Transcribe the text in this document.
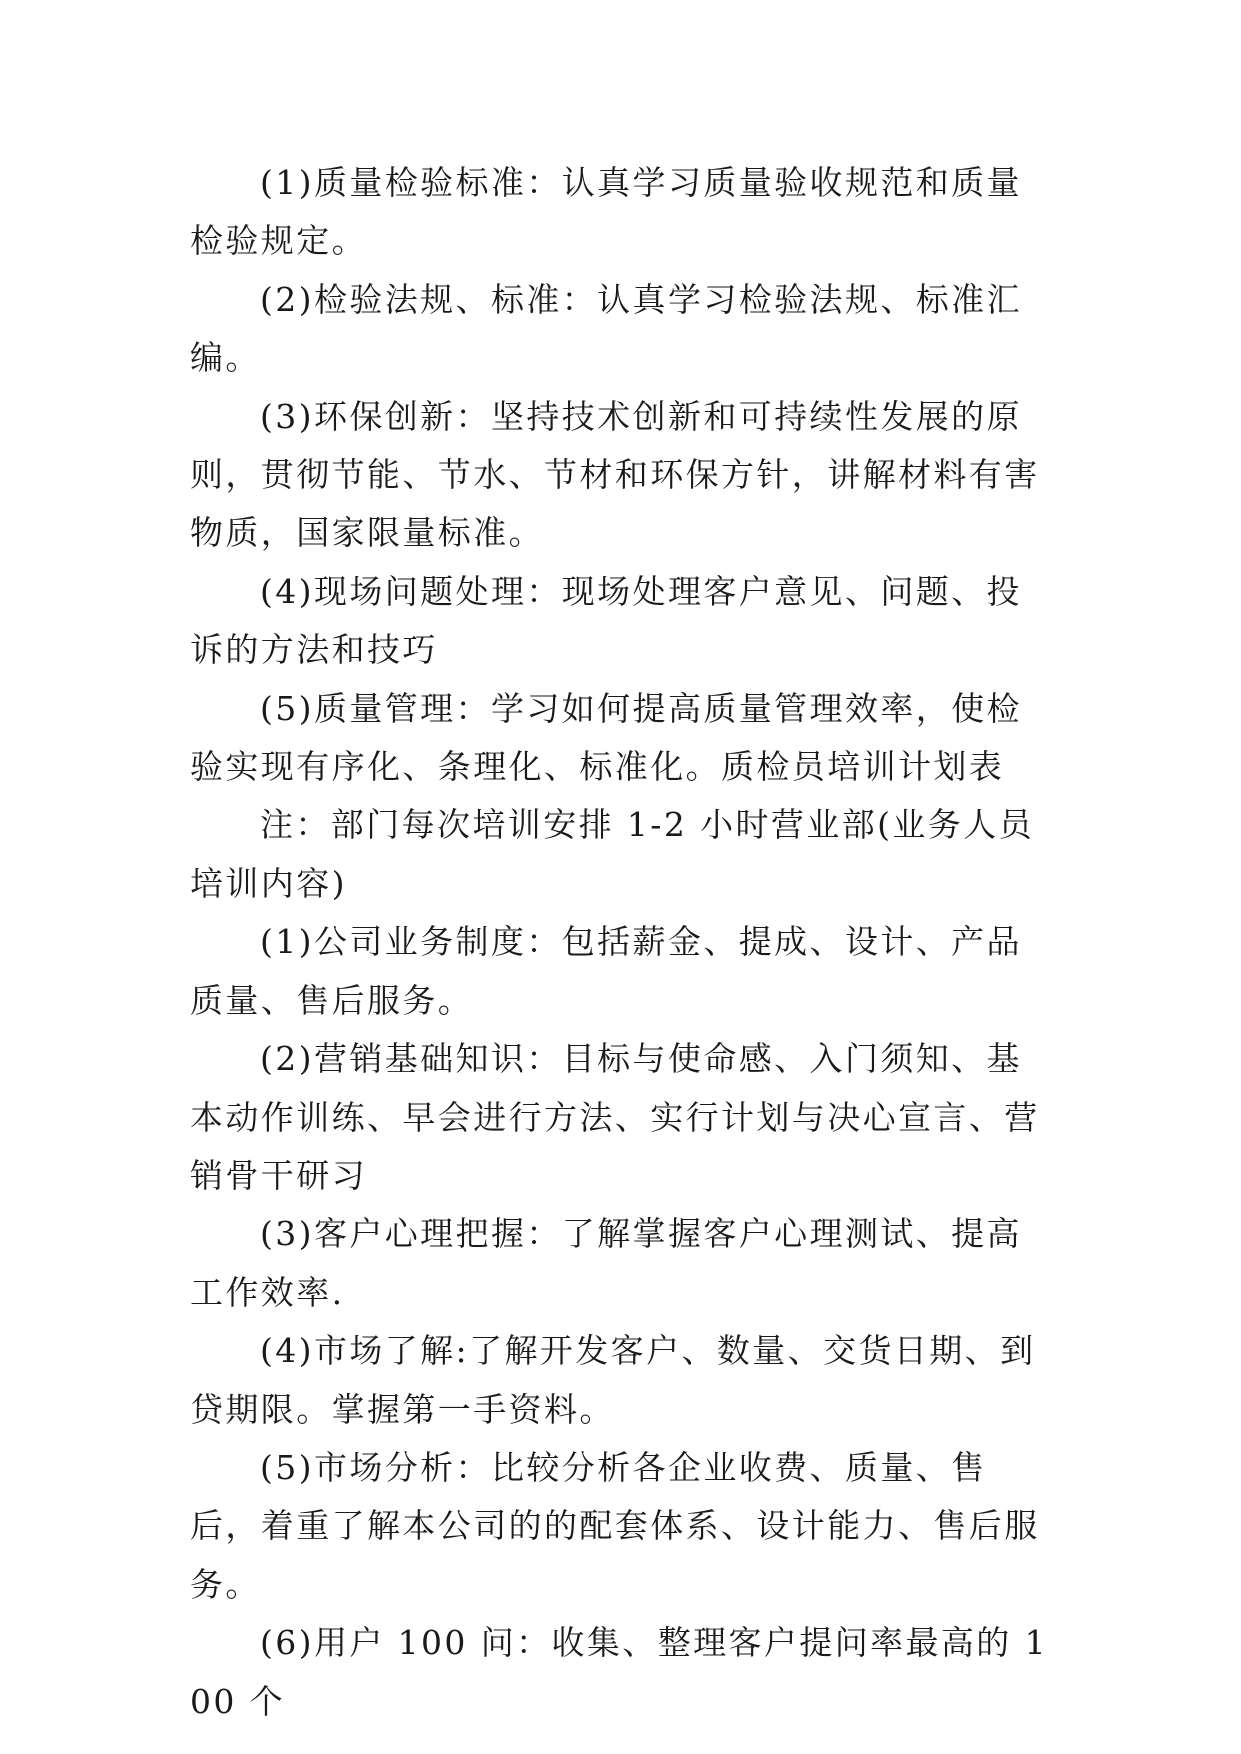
(1)质量检验标准：认真学习质量验收规范和质量检验规定。

(2)检验法规、标准：认真学习检验法规、标准汇编。

(3)环保创新：坚持技术创新和可持续性发展的原则，贯彻节能、节水、节材和环保方针，讲解材料有害物质，国家限量标准。

(4)现场问题处理：现场处理客户意见、问题、投诉的方法和技巧

(5)质量管理：学习如何提高质量管理效率，使检验实现有序化、条理化、标准化。质检员培训计划表

注：部门每次培训安排 1-2 小时营业部(业务人员培训内容)

(1)公司业务制度：包括薪金、提成、设计、产品质量、售后服务。

(2)营销基础知识：目标与使命感、入门须知、基本动作训练、早会进行方法、实行计划与决心宣言、营销骨干研习

(3)客户心理把握：了解掌握客户心理测试、提高工作效率.

(4)市场了解:了解开发客户、数量、交货日期、到贷期限。掌握第一手资料。

(5)市场分析：比较分析各企业收费、质量、售后，着重了解本公司的的配套体系、设计能力、售后服务。

(6)用户 100 问：收集、整理客户提问率最高的 100 个
